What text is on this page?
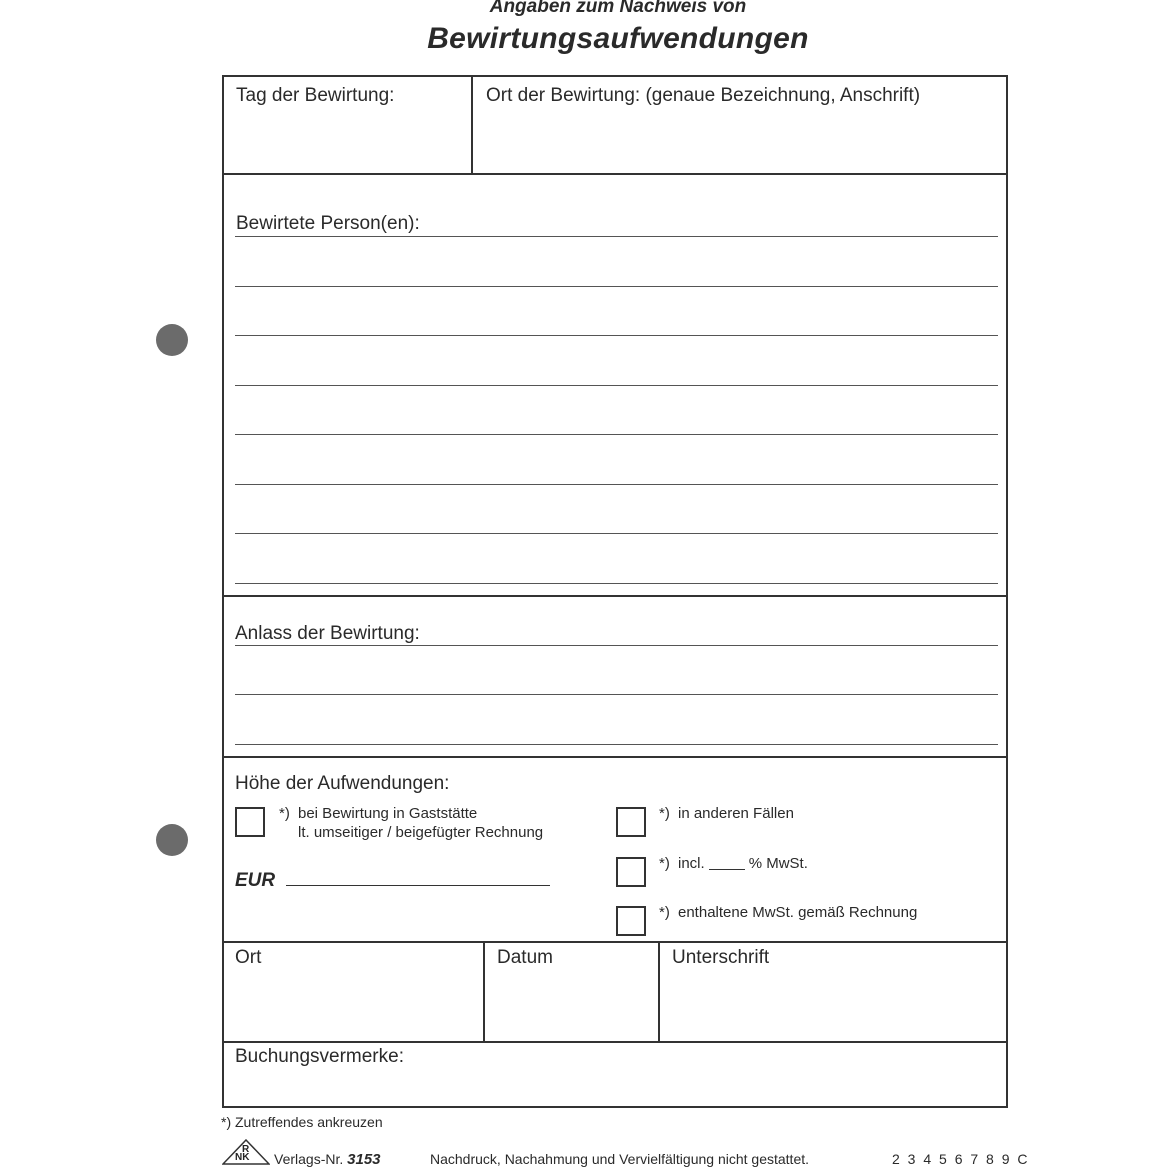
Angaben zum Nachweis von
Bewirtungsaufwendungen
Tag der Bewirtung:	Ort der Bewirtung: (genaue Bezeichnung, Anschrift)
Bewirtete Person(en):
Anlass der Bewirtung:
Höhe der Aufwendungen:
*) bei Bewirtung in Gaststätte
lt. umseitiger / beigefügter Rechnung
EUR
*) in anderen Fällen
*) incl.	% MwSt.
*) enthaltene MwSt. gemäß Rechnung
Ort	Datum	Unterschrift
Buchungsvermerke:
*) Zutreffendes ankreuzen
R
NK Verlags-Nr. 3153	Nachdruck, Nachahmung und Vervielfältigung nicht gestattet.	2 3 4 5 6 7 8 9 C
